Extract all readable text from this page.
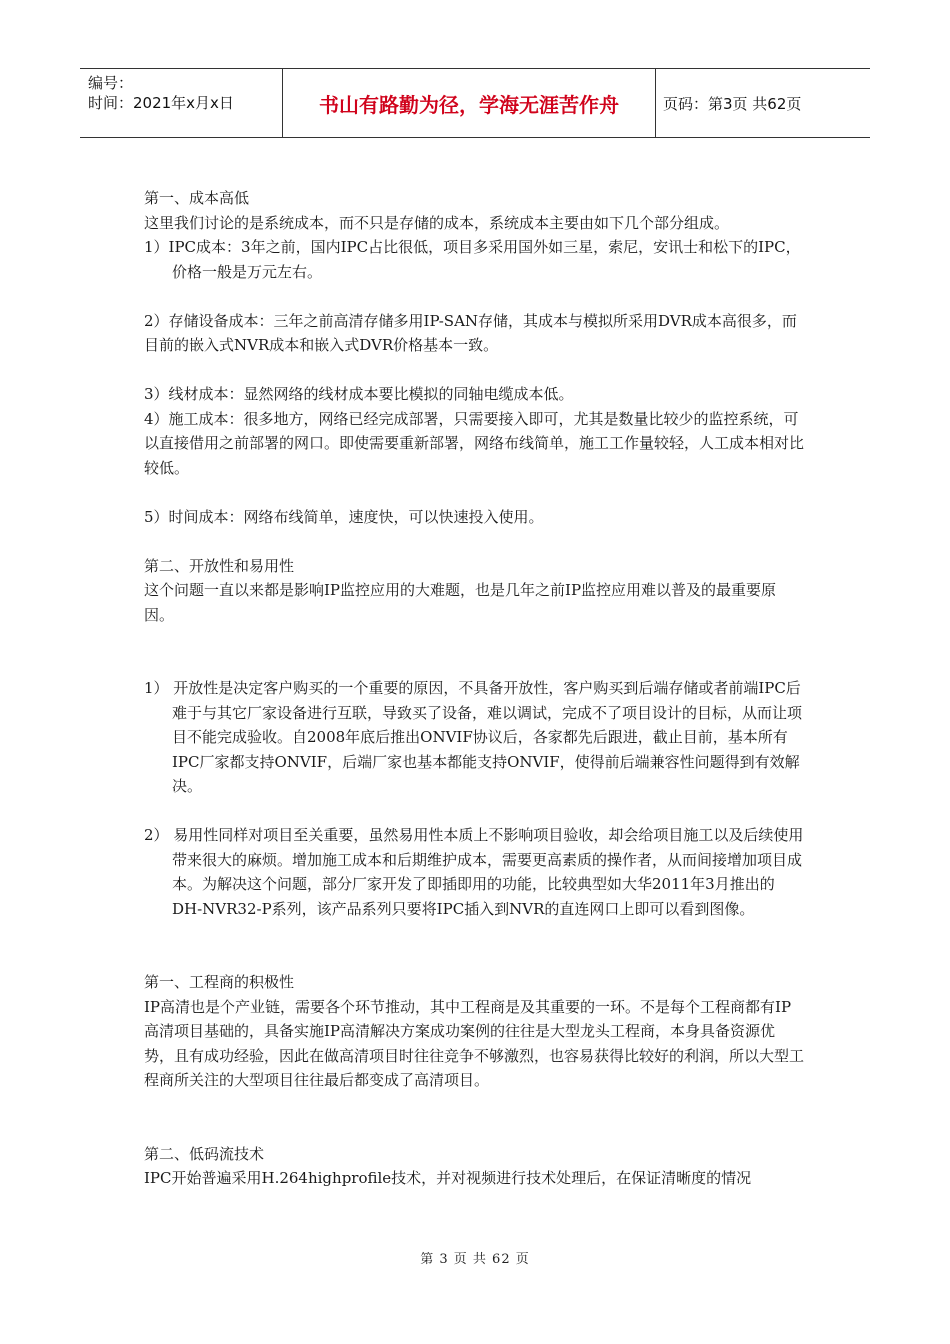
编号：
时间：2021年x月x日	书山有路勤为径，学海无涯苦作舟	页码：第3页 共62页

第一、成本高低

这里我们讨论的是系统成本，而不只是存储的成本，系统成本主要由如下几个部分组成。

1）IPC成本：3年之前，国内IPC占比很低，项目多采用国外如三星，索尼，安讯士和松下的IPC，价格一般是万元左右。

2）存储设备成本：三年之前高清存储多用IP-SAN存储，其成本与模拟所采用DVR成本高很多，而目前的嵌入式NVR成本和嵌入式DVR价格基本一致。

3）线材成本：显然网络的线材成本要比模拟的同轴电缆成本低。

4）施工成本：很多地方，网络已经完成部署，只需要接入即可，尤其是数量比较少的监控系统，可以直接借用之前部署的网口。即使需要重新部署，网络布线简单，施工工作量较轻，人工成本相对比较低。

5）时间成本：网络布线简单，速度快，可以快速投入使用。

第二、开放性和易用性

这个问题一直以来都是影响IP监控应用的大难题，也是几年之前IP监控应用难以普及的最重要原因。

1） 开放性是决定客户购买的一个重要的原因，不具备开放性，客户购买到后端存储或者前端IPC后难于与其它厂家设备进行互联，导致买了设备，难以调试，完成不了项目设计的目标，从而让项目不能完成验收。自2008年底后推出ONVIF协议后，各家都先后跟进，截止目前，基本所有IPC厂家都支持ONVIF，后端厂家也基本都能支持ONVIF，使得前后端兼容性问题得到有效解决。

2） 易用性同样对项目至关重要，虽然易用性本质上不影响项目验收，却会给项目施工以及后续使用带来很大的麻烦。增加施工成本和后期维护成本，需要更高素质的操作者，从而间接增加项目成本。为解决这个问题，部分厂家开发了即插即用的功能，比较典型如大华2011年3月推出的DH-NVR32-P系列，该产品系列只要将IPC插入到NVR的直连网口上即可以看到图像。

第一、工程商的积极性

IP高清也是个产业链，需要各个环节推动，其中工程商是及其重要的一环。不是每个工程商都有IP高清项目基础的，具备实施IP高清解决方案成功案例的往往是大型龙头工程商，本身具备资源优势，且有成功经验，因此在做高清项目时往往竞争不够激烈，也容易获得比较好的利润，所以大型工程商所关注的大型项目往往最后都变成了高清项目。

第二、低码流技术

IPC开始普遍采用H.264highprofile技术，并对视频进行技术处理后，在保证清晰度的情况

第 3 页 共 62 页
